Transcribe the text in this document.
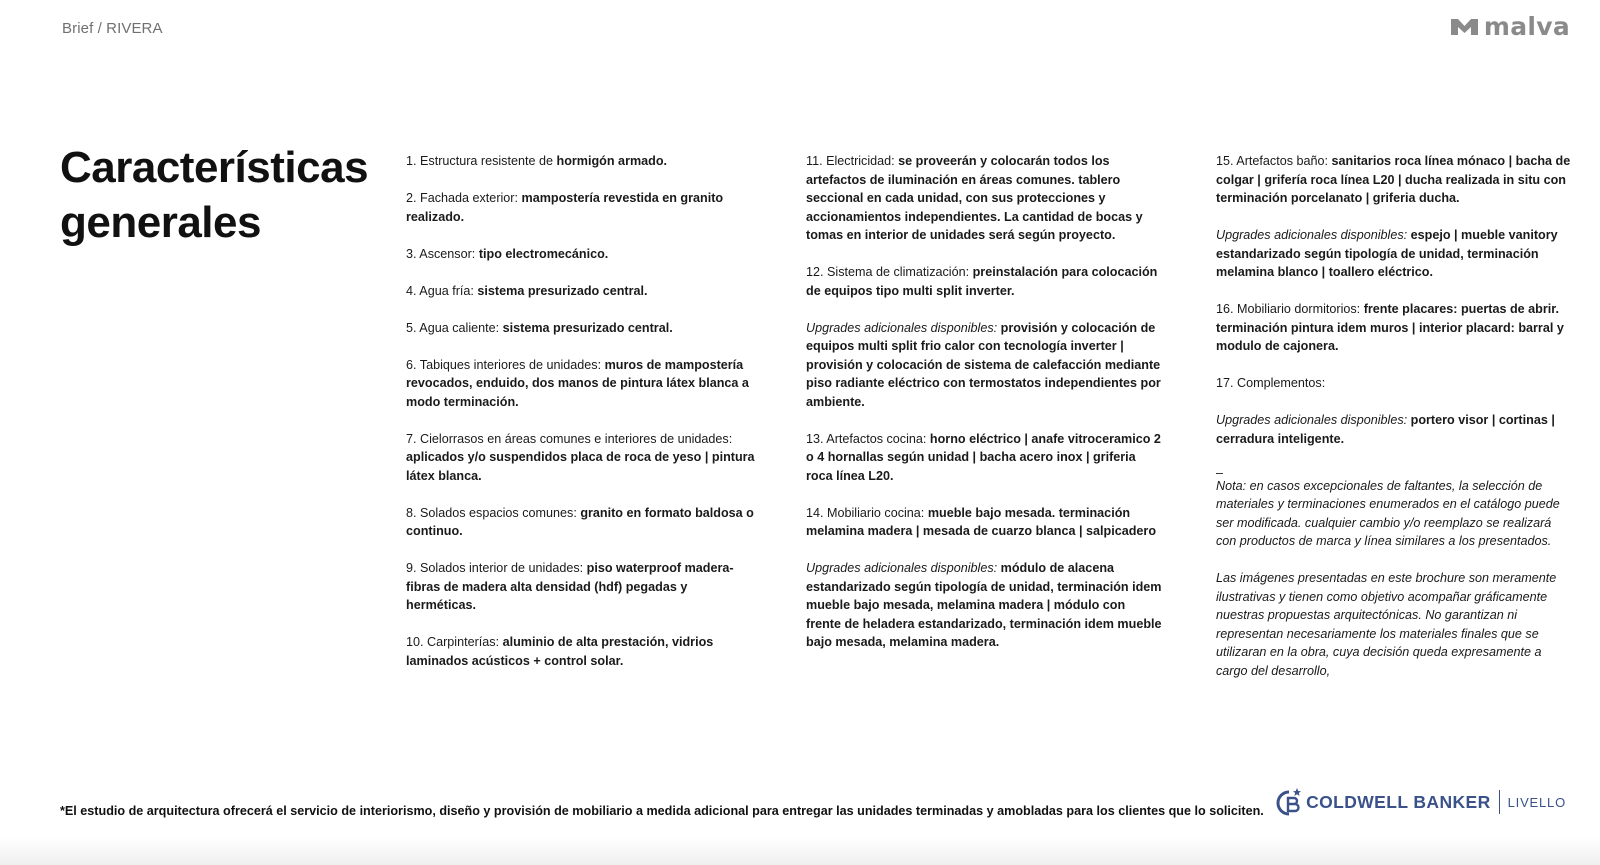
Brief / RIVERA	malva
Características
generales

1. Estructura resistente de hormigón armado.

2. Fachada exterior: mampostería revestida en granito realizado.

3. Ascensor: tipo electromecánico.

4. Agua fría: sistema presurizado central.

5. Agua caliente: sistema presurizado central.

6. Tabiques interiores de unidades: muros de mampostería revocados, enduido, dos manos de pintura látex blanca a modo terminación.

7. Cielorrasos en áreas comunes e interiores de unidades: aplicados y/o suspendidos placa de roca de yeso | pintura látex blanca.

8. Solados espacios comunes: granito en formato baldosa o continuo.

9. Solados interior de unidades: piso waterproof madera-fibras de madera alta densidad (hdf) pegadas y herméticas.

10. Carpinterías: aluminio de alta prestación, vidrios laminados acústicos + control solar.

11. Electricidad: se proveerán y colocarán todos los artefactos de iluminación en áreas comunes. tablero seccional en cada unidad, con sus protecciones y accionamientos independientes. La cantidad de bocas y tomas en interior de unidades será según proyecto.

12. Sistema de climatización: preinstalación para colocación de equipos tipo multi split inverter.

Upgrades adicionales disponibles: provisión y colocación de equipos multi split frio calor con tecnología inverter | provisión y colocación de sistema de calefacción mediante piso radiante eléctrico con termostatos independientes por ambiente.

13. Artefactos cocina: horno eléctrico | anafe vitroceramico 2 o 4 hornallas según unidad | bacha acero inox | griferia roca línea L20.

14. Mobiliario cocina: mueble bajo mesada. terminación melamina madera | mesada de cuarzo blanca | salpicadero

Upgrades adicionales disponibles: módulo de alacena estandarizado según tipología de unidad, terminación idem mueble bajo mesada, melamina madera | módulo con frente de heladera estandarizado, terminación idem mueble bajo mesada, melamina madera.

15. Artefactos baño: sanitarios roca línea mónaco | bacha de colgar | grifería roca línea L20 | ducha realizada in situ con terminación porcelanato | griferia ducha.

Upgrades adicionales disponibles: espejo | mueble vanitory estandarizado según tipología de unidad, terminación melamina blanco | toallero eléctrico.

16. Mobiliario dormitorios: frente placares: puertas de abrir. terminación pintura idem muros | interior placard: barral y modulo de cajonera.

17. Complementos:

Upgrades adicionales disponibles: portero visor | cortinas | cerradura inteligente.

–

Nota: en casos excepcionales de faltantes, la selección de materiales y terminaciones enumerados en el catálogo puede ser modificada. cualquier cambio y/o reemplazo se realizará con productos de marca y línea similares a los presentados.

Las imágenes presentadas en este brochure son meramente ilustrativas y tienen como objetivo acompañar gráficamente nuestras propuestas arquitectónicas. No garantizan ni representan necesariamente los materiales finales que se utilizaran en la obra, cuya decisión queda expresamente a cargo del desarrollo,

*El estudio de arquitectura ofrecerá el servicio de interiorismo, diseño y provisión de mobiliario a medida adicional para entregar las unidades terminadas y amobladas para los clientes que lo soliciten. COLDWELL BANKER LIVELLO
